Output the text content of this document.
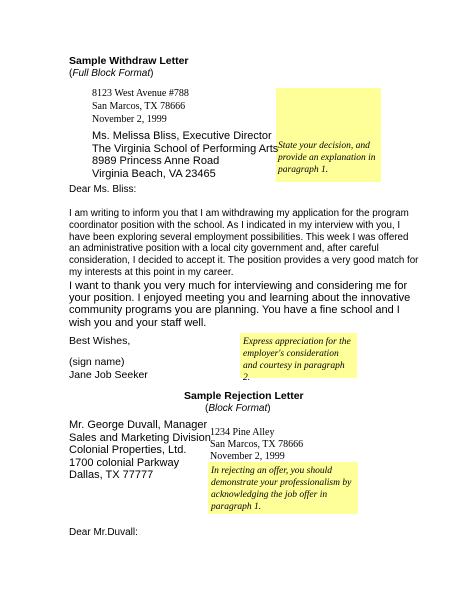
Sample Withdraw Letter
(Full Block Format)
8123 West Avenue #788
San Marcos, TX 78666
November 2, 1999
State your decision, and
provide an explanation in
paragraph 1.
Ms. Melissa Bliss, Executive Director
The Virginia School of Performing Arts
8989 Princess Anne Road
Virginia Beach, VA 23465
Dear Ms. Bliss:
I am writing to inform you that I am withdrawing my application for the program
coordinator position with the school. As I indicated in my interview with you, I
have been exploring several employment possibilities. This week I was offered
an administrative position with a local city government and, after careful
consideration, I decided to accept it. The position provides a very good match for
my interests at this point in my career.
I want to thank you very much for interviewing and considering me for
your position. I enjoyed meeting you and learning about the innovative
community programs you are planning. You have a fine school and I
wish you and your staff well.
Best Wishes,	Express appreciation for the
employer's consideration
and courtesy in paragraph 2.
(sign name)
Jane Job Seeker
Sample Rejection Letter
(Block Format)
Mr. George Duvall, Manager
Sales and Marketing Division
Colonial Properties, Ltd.
1700 colonial Parkway
Dallas, TX 77777
1234 Pine Alley
San Marcos, TX 78666
November 2, 1999
In rejecting an offer, you should
demonstrate your professionalism by
acknowledging the job offer in
paragraph 1.
Dear Mr.Duvall:
